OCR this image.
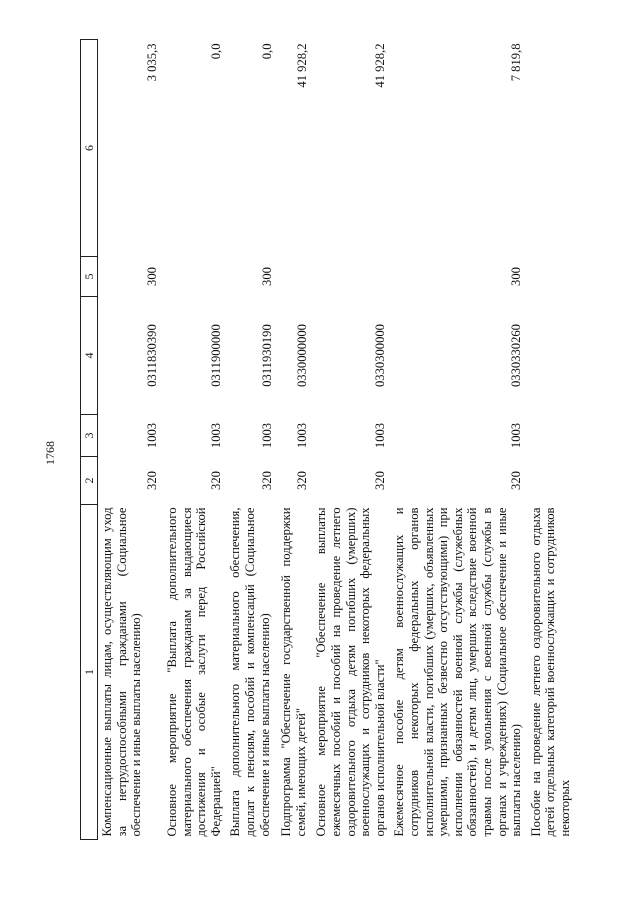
1768
1	2	3	4	5	6
Компенсационные выплаты лицам, осуществляющим уход за нетрудоспособными гражданами (Социальное обеспечение и иные выплаты населению)	320	1003	0311830390	300	3 035,3
Основное мероприятие "Выплата дополнительного материального обеспечения гражданам за выдающиеся достижения и особые заслуги перед Российской Федерацией"	320	1003	0311900000		0,0
Выплата дополнительного материального обеспечения, доплат к пенсиям, пособий и компенсаций (Социальное обеспечение и иные выплаты населению)	320	1003	0311930190	300	0,0
Подпрограмма "Обеспечение государственной поддержки семей, имеющих детей"	320	1003	0330000000		41 928,2
Основное мероприятие "Обеспечение выплаты ежемесячных пособий и пособий на проведение летнего оздоровительного отдыха детям погибших (умерших) военнослужащих и сотрудников некоторых федеральных органов исполнительной власти"	320	1003	0330300000		41 928,2
Ежемесячное пособие детям военнослужащих и сотрудников некоторых федеральных органов исполнительной власти, погибших (умерших, объявленных умершими, признанных безвестно отсутствующими) при исполнении обязанностей военной службы (служебных обязанностей), и детям лиц, умерших вследствие военной травмы после увольнения с военной службы (службы в органах и учреждениях) (Социальное обеспечение и иные выплаты населению)	320	1003	0330330260	300	7 819,8
Пособие на проведение летнего оздоровительного отдыха детей отдельных категорий военнослужащих и сотрудников некоторых					
